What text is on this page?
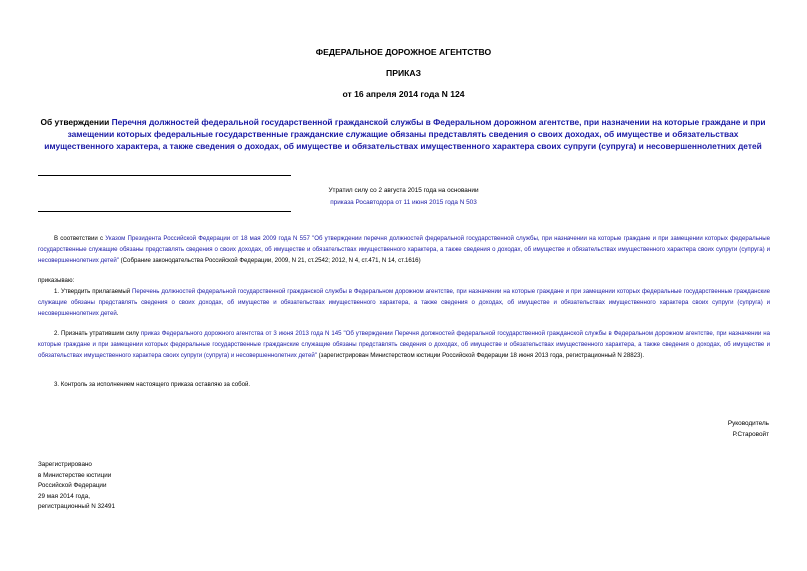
ФЕДЕРАЛЬНОЕ ДОРОЖНОЕ АГЕНТСТВО
ПРИКАЗ
от 16 апреля 2014 года N 124
Об утверждении Перечня должностей федеральной государственной гражданской службы в Федеральном дорожном агентстве, при назначении на которые граждане и при замещении которых федеральные государственные гражданские служащие обязаны представлять сведения о своих доходах, об имуществе и обязательствах имущественного характера, а также сведения о доходах, об имуществе и обязательствах имущественного характера своих супруги (супруга) и несовершеннолетних детей
Утратил силу со 2 августа 2015 года на основании
приказа Росавтодора от 11 июня 2015 года N 503
В соответствии с Указом Президента Российской Федерации от 18 мая 2009 года N 557 "Об утверждении перечня должностей федеральной государственной службы, при назначении на которые граждане и при замещении которых федеральные государственные служащие обязаны представлять сведения о своих доходах, об имуществе и обязательствах имущественного характера, а также сведения о доходах, об имуществе и обязательствах имущественного характера своих супруги (супруга) и несовершеннолетних детей" (Собрание законодательства Российской Федерации, 2009, N 21, ст.2542; 2012, N 4, ст.471, N 14, ст.1616)
приказываю:
1. Утвердить прилагаемый Перечень должностей федеральной государственной гражданской службы в Федеральном дорожном агентстве, при назначении на которые граждане и при замещении которых федеральные государственные гражданские служащие обязаны представлять сведения о своих доходах, об имуществе и обязательствах имущественного характера, а также сведения о доходах, об имуществе и обязательствах имущественного характера своих супруги (супруга) и несовершеннолетних детей.
2. Признать утратившим силу приказ Федерального дорожного агентства от 3 июня 2013 года N 145 "Об утверждении Перечня должностей федеральной государственной гражданской службы в Федеральном дорожном агентстве, при назначении на которые граждане и при замещении которых федеральные государственные гражданские служащие обязаны представлять сведения о доходах, об имуществе и обязательствах имущественного характера, а также сведения о доходах, об имуществе и обязательствах имущественного характера своих супруги (супруга) и несовершеннолетних детей" (зарегистрирован Министерством юстиции Российской Федерации 18 июня 2013 года, регистрационный N 28823).
3. Контроль за исполнением настоящего приказа оставляю за собой.
Руководитель
Р.Старовойт
Зарегистрировано
в Министерстве юстиции
Российской Федерации
29 мая 2014 года,
регистрационный N 32491
